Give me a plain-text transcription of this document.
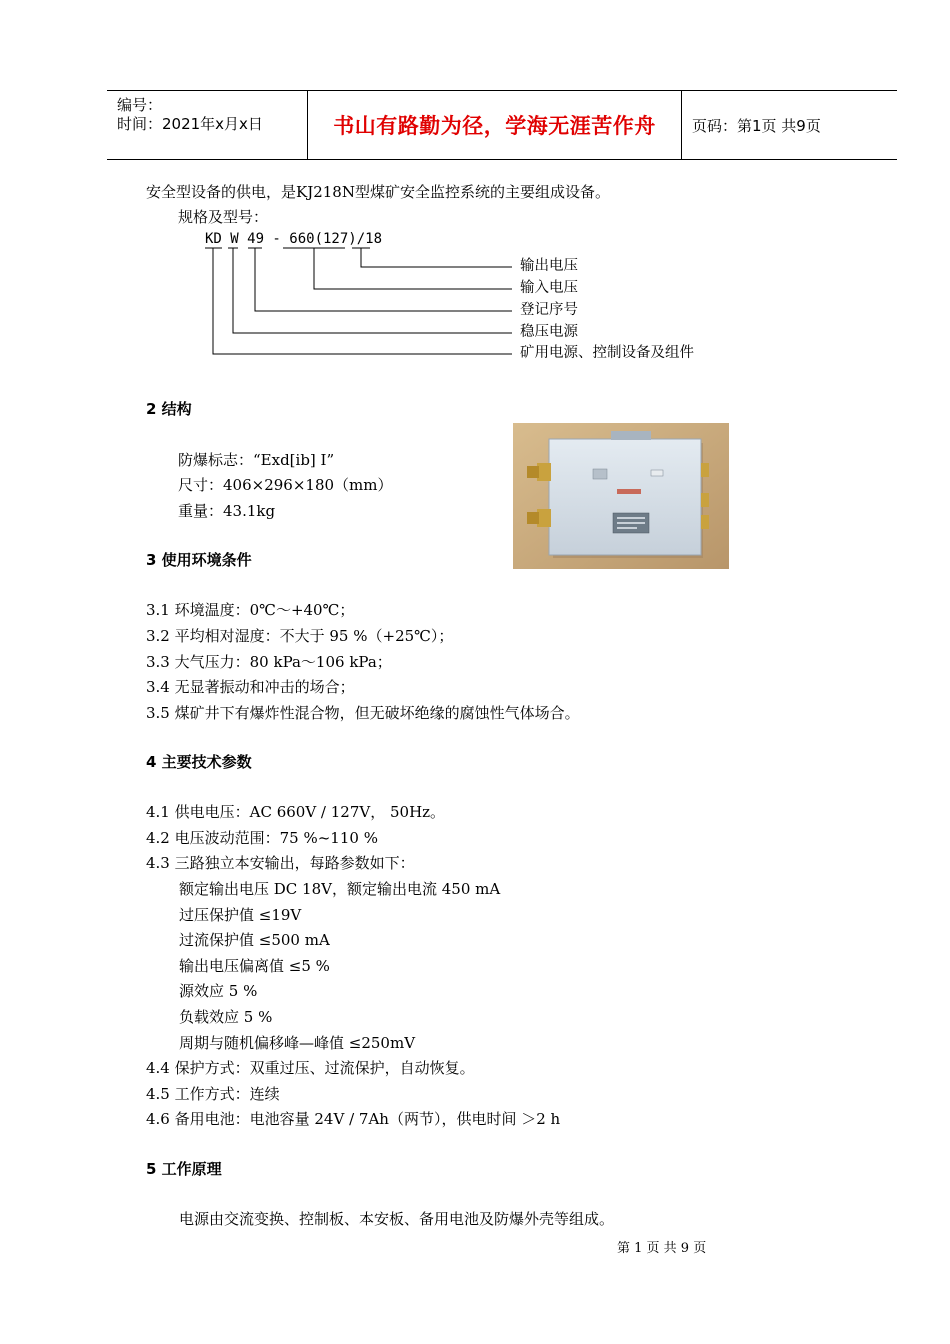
编号：
时间：2021年x月x日	书山有路勤为径，学海无涯苦作舟 页码：第1页 共9页
安全型设备的供电，是KJ218N型煤矿安全监控系统的主要组成设备。
规格及型号：
KD W 49 - 660(127)/18
输出电压
输入电压
登记序号
稳压电源
矿用电源、控制设备及组件
2 结构
防爆标志：“Exd[ib] I”
尺寸：406×296×180（mm）
重量：43.1kg
3 使用环境条件
3.1 环境温度：0℃～+40℃；
3.2 平均相对湿度：不大于 95 %（+25℃）；
3.3 大气压力：80 kPa～106 kPa；
3.4 无显著振动和冲击的场合；
3.5 煤矿井下有爆炸性混合物，但无破坏绝缘的腐蚀性气体场合。
4 主要技术参数
4.1 供电电压：AC 660V / 127V， 50Hz。
4.2 电压波动范围：75 %~110 %
4.3 三路独立本安输出，每路参数如下：
额定输出电压 DC 18V，额定输出电流 450 mA
过压保护值 ≤19V
过流保护值 ≤500 mA
输出电压偏离值 ≤5 %
源效应 5 %
负载效应 5 %
周期与随机偏移峰—峰值 ≤250mV
4.4 保护方式：双重过压、过流保护，自动恢复。
4.5 工作方式：连续
4.6 备用电池：电池容量 24V / 7Ah（两节），供电时间 ＞2 h
5 工作原理
电源由交流变换、控制板、本安板、备用电池及防爆外壳等组成。
第 1 页 共 9 页
